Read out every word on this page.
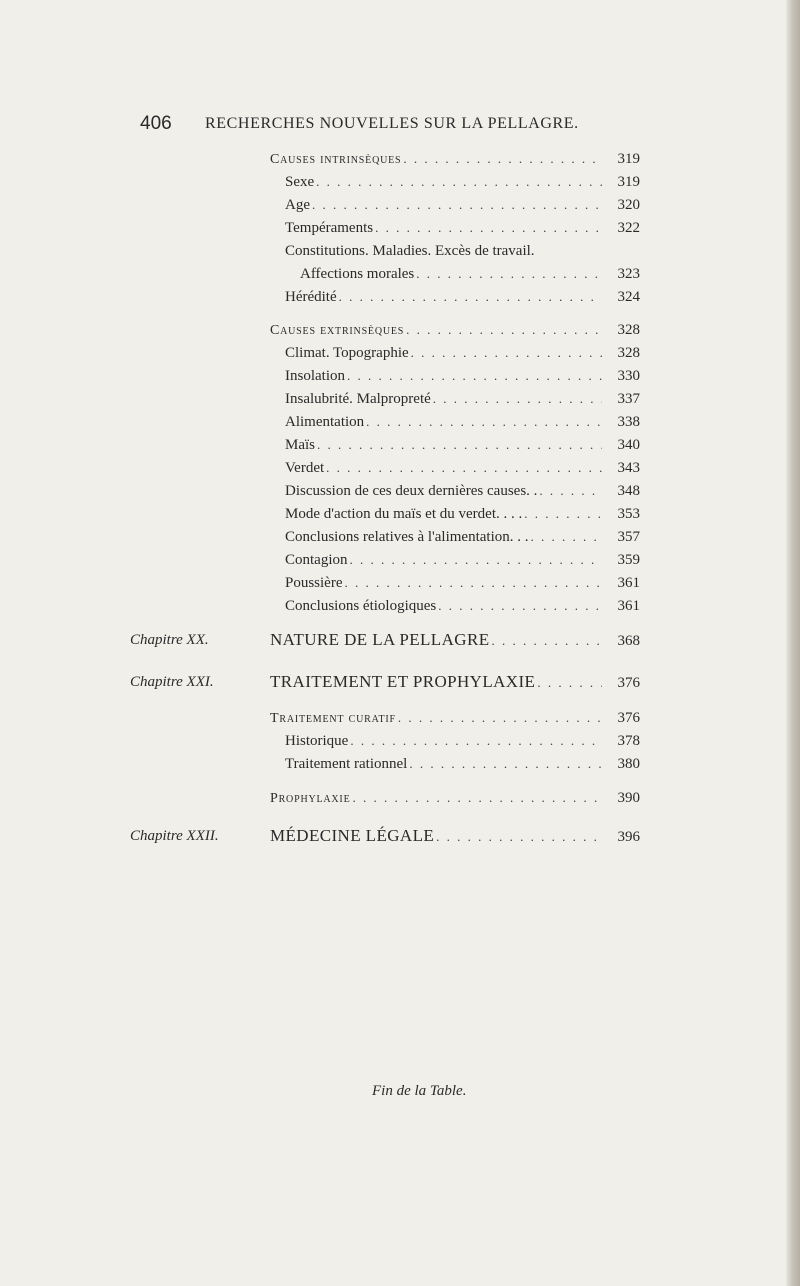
406 RECHERCHES NOUVELLES SUR LA PELLAGRE.
Causes intrinsèques . . .	319
Sexe . . .	319
Age . . .	320
Tempéraments . . .	322
Constitutions. Maladies. Excès de travail.
Affections morales . . .	323
Hérédité . . .	324
Causes extrinsèques . . .	328
Climat. Topographie . . .	328
Insolation . . .	330
Insalubrité. Malpropreté . . .	337
Alimentation . . .	338
Maïs . . .	340
Verdet . . .	343
Discussion de ces deux dernières causes. . . . .	348
Mode d'action du maïs et du verdet. . . . . . .	353
Conclusions relatives à l'alimentation. . . . . .	357
Contagion . . .	359
Poussière . . .	361
Conclusions étiologiques . . .	361
Chapitre XX.	NATURE DE LA PELLAGRE . . .	368
Chapitre XXI.	TRAITEMENT ET PROPHYLAXIE . . .	376
Traitement curatif . . .	376
Historique . . .	378
Traitement rationnel . . .	380
Prophylaxie . . .	390
Chapitre XXII.	MÉDECINE LÉGALE . . .	396
Fin de la Table.
